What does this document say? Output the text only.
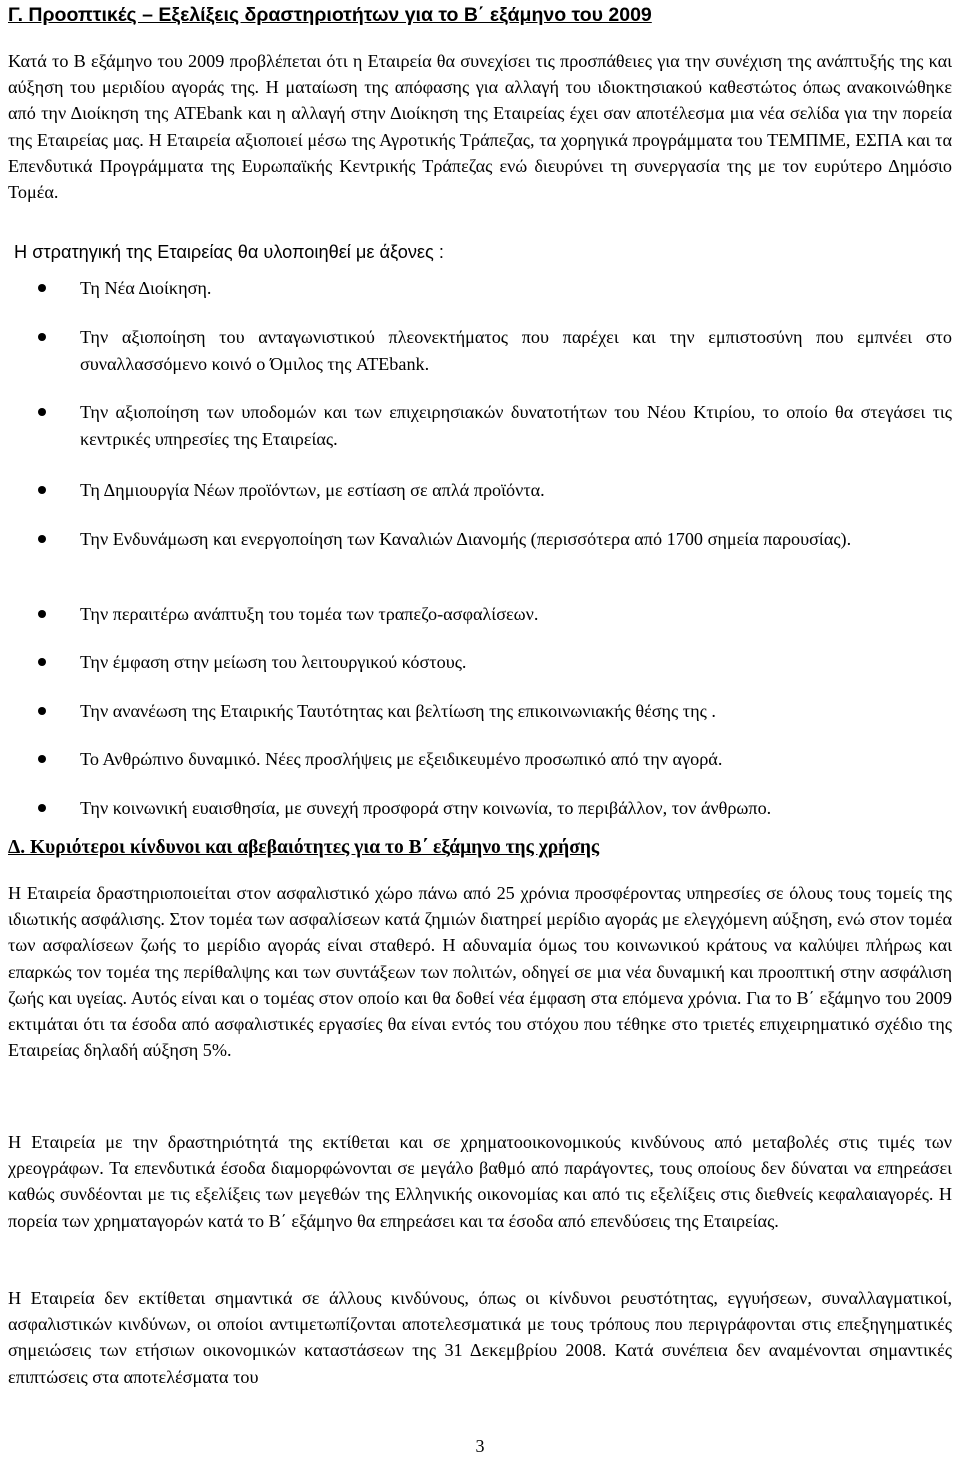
Γ. Προοπτικές – Εξελίξεις δραστηριοτήτων για το Β΄ εξάμηνο του 2009

Κατά το Β εξάμηνο του 2009 προβλέπεται ότι η Εταιρεία θα συνεχίσει τις προσπάθειες για την συνέχιση της ανάπτυξής της και αύξηση του μεριδίου αγοράς της. Η ματαίωση της απόφασης για αλλαγή του ιδιοκτησιακού καθεστώτος όπως ανακοινώθηκε από την Διοίκηση της ATEbank και η αλλαγή στην Διοίκηση της Εταιρείας έχει σαν αποτέλεσμα μια νέα σελίδα για την πορεία της Εταιρείας μας. Η Εταιρεία αξιοποιεί μέσω της Αγροτικής Τράπεζας, τα χορηγικά προγράμματα του ΤΕΜΠΜΕ, ΕΣΠΑ και τα Επενδυτικά Προγράμματα της Ευρωπαϊκής Κεντρικής Τράπεζας ενώ διευρύνει τη συνεργασία της με τον ευρύτερο Δημόσιο Τομέα.

Η στρατηγική της Εταιρείας θα υλοποιηθεί με άξονες :

Τη Νέα Διοίκηση.

Την αξιοποίηση του ανταγωνιστικού πλεονεκτήματος που παρέχει και την εμπιστοσύνη που εμπνέει στο συναλλασσόμενο κοινό ο Όμιλος της ATEbank.

Την αξιοποίηση των υποδομών και των επιχειρησιακών δυνατοτήτων του Νέου Κτιρίου, το οποίο θα στεγάσει τις κεντρικές υπηρεσίες της Εταιρείας.

Τη Δημιουργία Νέων προϊόντων, με εστίαση σε απλά προϊόντα.

Την Ενδυνάμωση και ενεργοποίηση των Καναλιών Διανομής (περισσότερα από 1700 σημεία παρουσίας).

Την περαιτέρω ανάπτυξη του τομέα των τραπεζο-ασφαλίσεων.

Την έμφαση στην μείωση του λειτουργικού κόστους.

Την ανανέωση της Εταιρικής Ταυτότητας και βελτίωση της επικοινωνιακής θέσης της .

Το Ανθρώπινο δυναμικό. Νέες προσλήψεις με εξειδικευμένο προσωπικό από την αγορά.

Την κοινωνική ευαισθησία, με συνεχή προσφορά στην κοινωνία, το περιβάλλον, τον άνθρωπο.

Δ. Κυριότεροι κίνδυνοι και αβεβαιότητες για το Β΄ εξάμηνο της χρήσης

Η Εταιρεία δραστηριοποιείται στον ασφαλιστικό χώρο πάνω από 25 χρόνια προσφέροντας υπηρεσίες σε όλους τους τομείς της ιδιωτικής ασφάλισης. Στον τομέα των ασφαλίσεων κατά ζημιών διατηρεί μερίδιο αγοράς με ελεγχόμενη αύξηση, ενώ στον τομέα των ασφαλίσεων ζωής το μερίδιο αγοράς είναι σταθερό. Η αδυναμία όμως του κοινωνικού κράτους να καλύψει πλήρως και επαρκώς τον τομέα της περίθαλψης και των συντάξεων των πολιτών, οδηγεί σε μια νέα δυναμική και προοπτική στην ασφάλιση ζωής και υγείας. Αυτός είναι και ο τομέας στον οποίο και θα δοθεί νέα έμφαση στα επόμενα χρόνια. Για το Β΄ εξάμηνο του 2009 εκτιμάται ότι τα έσοδα από ασφαλιστικές εργασίες θα είναι εντός του στόχου που τέθηκε στο τριετές επιχειρηματικό σχέδιο της Εταιρείας δηλαδή αύξηση 5%.

Η Εταιρεία με την δραστηριότητά της εκτίθεται και σε χρηματοοικονομικούς κινδύνους από μεταβολές στις τιμές των χρεογράφων. Τα επενδυτικά έσοδα διαμορφώνονται σε μεγάλο βαθμό από παράγοντες, τους οποίους δεν δύναται να επηρεάσει καθώς συνδέονται με τις εξελίξεις των μεγεθών της Ελληνικής οικονομίας και από τις εξελίξεις στις διεθνείς κεφαλαιαγορές. Η πορεία των χρηματαγορών κατά το Β΄ εξάμηνο θα επηρεάσει και τα έσοδα από επενδύσεις της Εταιρείας.

Η Εταιρεία δεν εκτίθεται σημαντικά σε άλλους κινδύνους, όπως οι κίνδυνοι ρευστότητας, εγγυήσεων, συναλλαγματικοί, ασφαλιστικών κινδύνων, οι οποίοι αντιμετωπίζονται αποτελεσματικά με τους τρόπους που περιγράφονται στις επεξηγηματικές σημειώσεις των ετήσιων οικονομικών καταστάσεων της 31 Δεκεμβρίου 2008. Κατά συνέπεια δεν αναμένονται σημαντικές επιπτώσεις στα αποτελέσματα του

3
